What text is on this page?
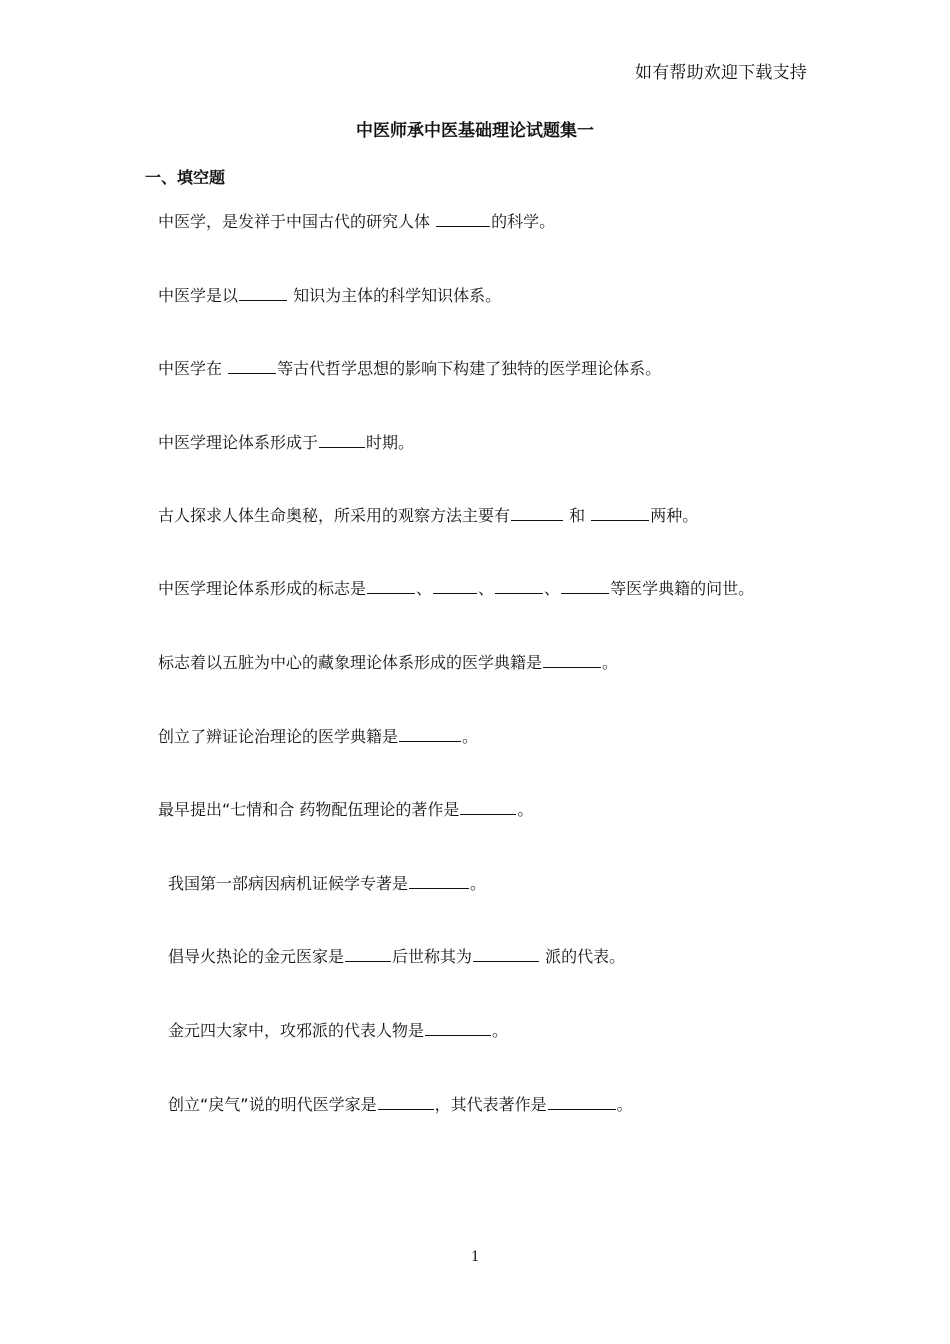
如有帮助欢迎下载支持
中医师承中医基础理论试题集一
一、填空题
中医学，是发祥于中国古代的研究人体	的科学。
中医学是以	知识为主体的科学知识体系。
中医学在	等古代哲学思想的影响下构建了独特的医学理论体系。
中医学理论体系形成于	时期。
古人探求人体生命奥秘，所采用的观察方法主要有	和	两种。
中医学理论体系形成的标志是	、	、	、	等医学典籍的问世。
标志着以五脏为中心的藏象理论体系形成的医学典籍是	。
创立了辨证论治理论的医学典籍是	。
最早提出“七情和合 药物配伍理论的著作是	。
我国第一部病因病机证候学专著是	。
倡导火热论的金元医家是	后世称其为	派的代表。
金元四大家中，攻邪派的代表人物是	。
创立“戾气”说的明代医学家是	，其代表著作是	。
1
